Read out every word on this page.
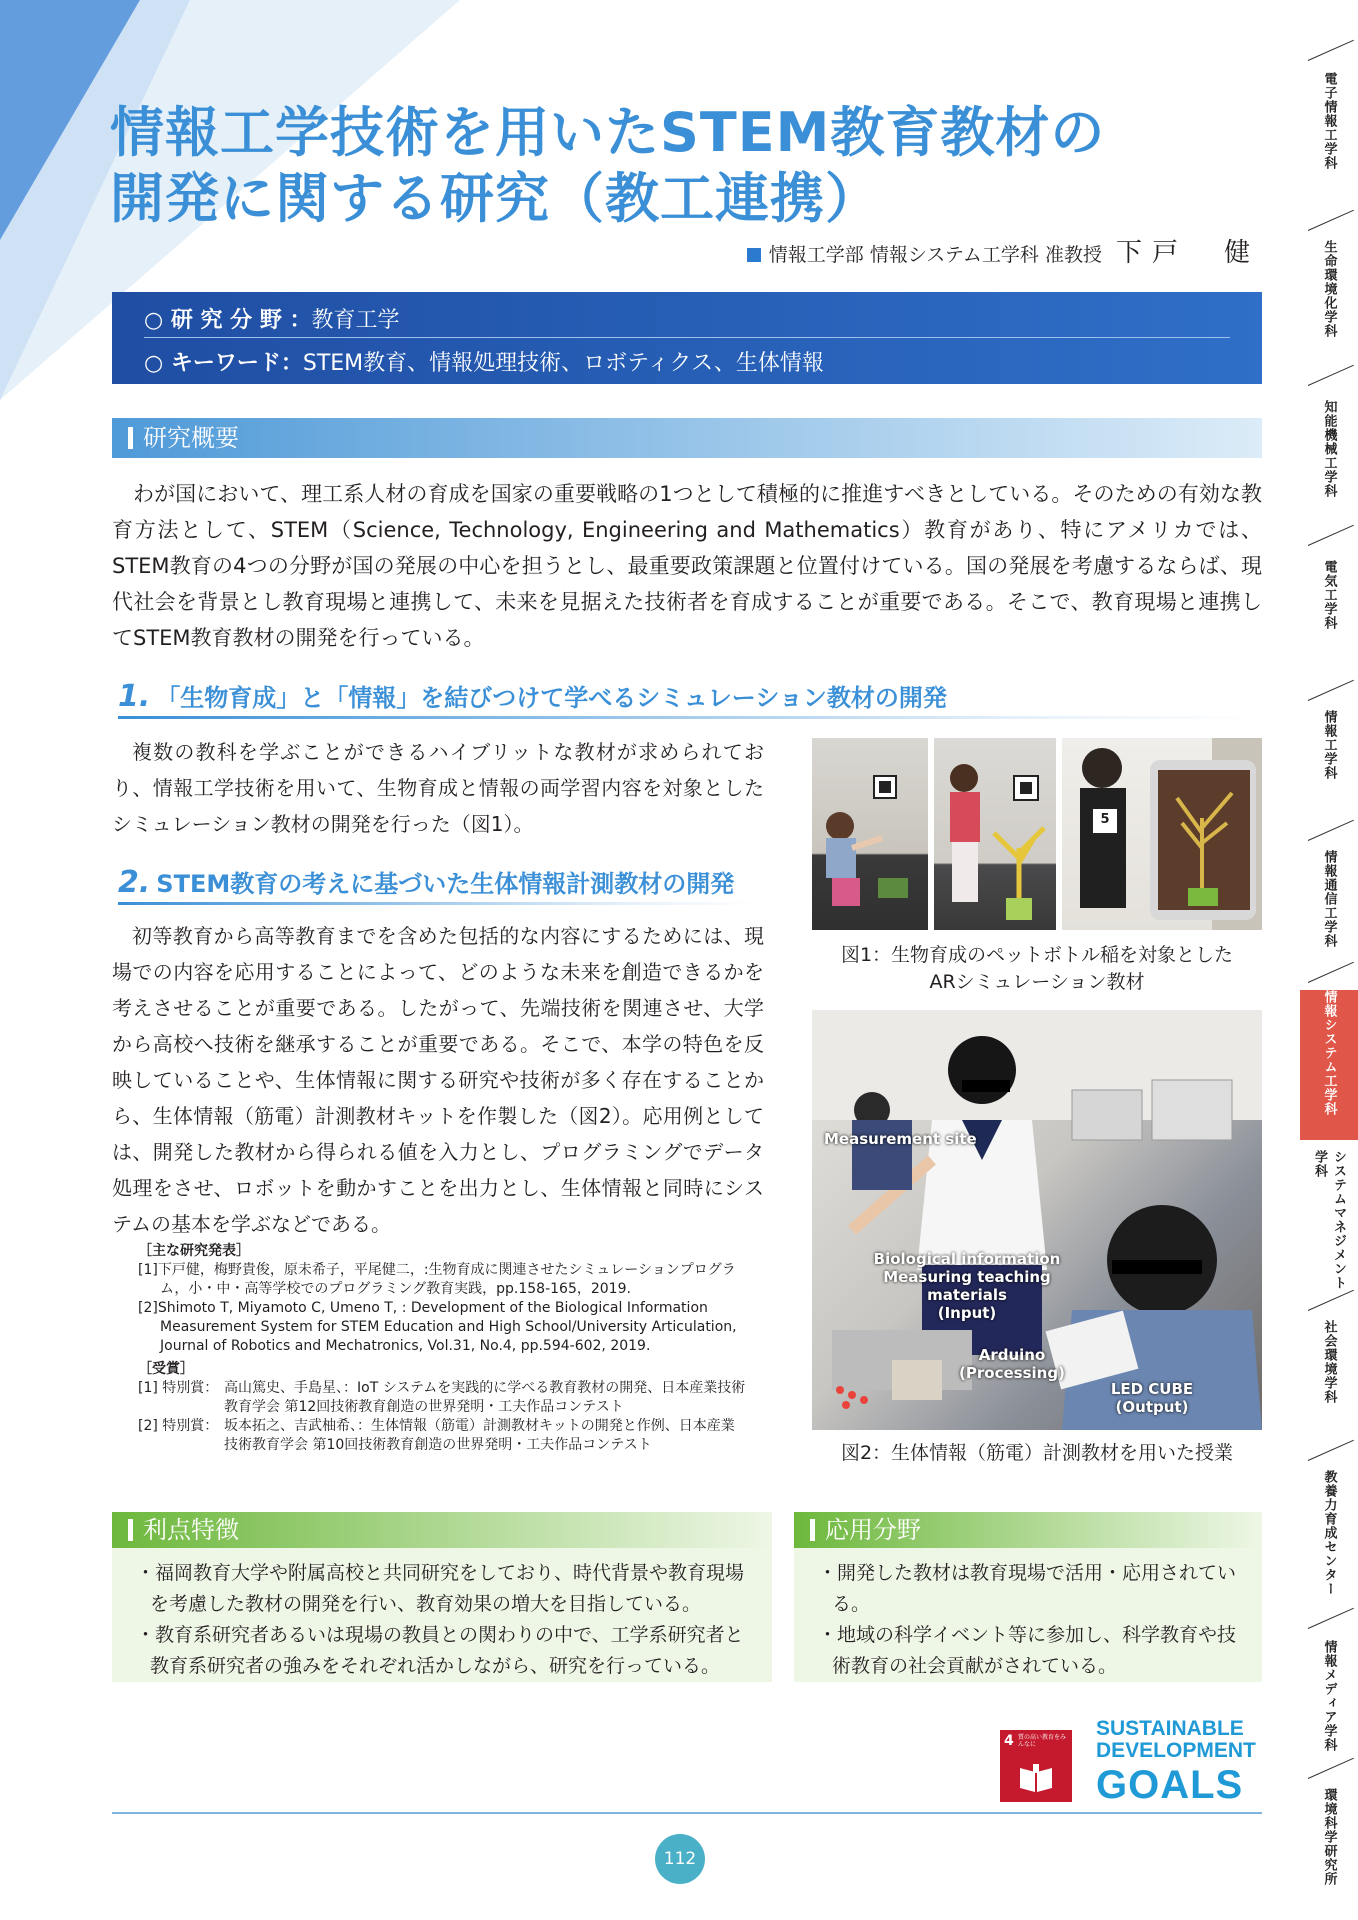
情報工学技術を用いたSTEM教育教材の
開発に関する研究（教工連携）
情報工学部 情報システム工学科 准教授 下戸　健
○ 研 究 分 野 ：教育工学
○ キーワード：STEM教育、情報処理技術、ロボティクス、生体情報
研究概要

わが国において、理工系人材の育成を国家の重要戦略の1つとして積極的に推進すべきとしている。そのための有効な教育方法として、STEM（Science, Technology, Engineering and Mathematics）教育があり、特にアメリカでは、STEM教育の4つの分野が国の発展の中心を担うとし、最重要政策課題と位置付けている。国の発展を考慮するならば、現代社会を背景とし教育現場と連携して、未来を見据えた技術者を育成することが重要である。そこで、教育現場と連携してSTEM教育教材の開発を行っている。

1. 「生物育成」と「情報」を結びつけて学べるシミュレーション教材の開発

複数の教科を学ぶことができるハイブリットな教材が求められており、情報工学技術を用いて、生物育成と情報の両学習内容を対象としたシミュレーション教材の開発を行った（図1）。

2. STEM教育の考えに基づいた生体情報計測教材の開発

初等教育から高等教育までを含めた包括的な内容にするためには、現場での内容を応用することによって、どのような未来を創造できるかを考えさせることが重要である。したがって、先端技術を関連させ、大学から高校へ技術を継承することが重要である。そこで、本学の特色を反映していることや、生体情報に関する研究や技術が多く存在することから、生体情報（筋電）計測教材キットを作製した（図2）。応用例としては、開発した教材から得られる値を入力とし、プログラミングでデータ処理をさせ、ロボットを動かすことを出力とし、生体情報と同時にシステムの基本を学ぶなどである。

［主な研究発表］
[1]下戸健，梅野貴俊，原未希子，平尾健二，:生物育成に関連させたシミュレーションプログラム，小・中・高等学校でのプログラミング教育実践，pp.158-165，2019.
[2]Shimoto T, Miyamoto C, Umeno T, : Development of the Biological Information Measurement System for STEM Education and High School/University Articulation, Journal of Robotics and Mechatronics, Vol.31, No.4, pp.594-602, 2019.
［受賞］
[1] 特別賞： 高山篤史、手島星、：IoT システムを実践的に学べる教育教材の開発、日本産業技術教育学会 第12回技術教育創造の世界発明・工夫作品コンテスト
[2] 特別賞： 坂本拓之、吉武柚希、：生体情報（筋電）計測教材キットの開発と作例、日本産業技術教育学会 第10回技術教育創造の世界発明・工夫作品コンテスト
5
図1：生物育成のペットボトル稲を対象とした
ARシミュレーション教材
Measurement site
Biological information
Measuring teaching materials
(Input)
Arduino
(Processing)
LED CUBE
(Output)
図2：生体情報（筋電）計測教材を用いた授業
利点特徴
・福岡教育大学や附属高校と共同研究をしており、時代背景や教育現場を考慮した教材の開発を行い、教育効果の増大を目指している。
・教育系研究者あるいは現場の教員との関わりの中で、工学系研究者と教育系研究者の強みをそれぞれ活かしながら、研究を行っている。
応用分野
・開発した教材は教育現場で活用・応用されている。
・地域の科学イベント等に参加し、科学教育や技術教育の社会貢献がされている。
4 質の高い教育をみんなに
SUSTAINABLE
DEVELOPMENT
GOALS
112
電子情報工学科
生命環境化学科
知能機械工学科
電気工学科
情報工学科
情報通信工学科
情報システム工学科
システムマネジメント学科
社会環境学科
教養力育成センター
情報メディア学科
環境科学研究所
